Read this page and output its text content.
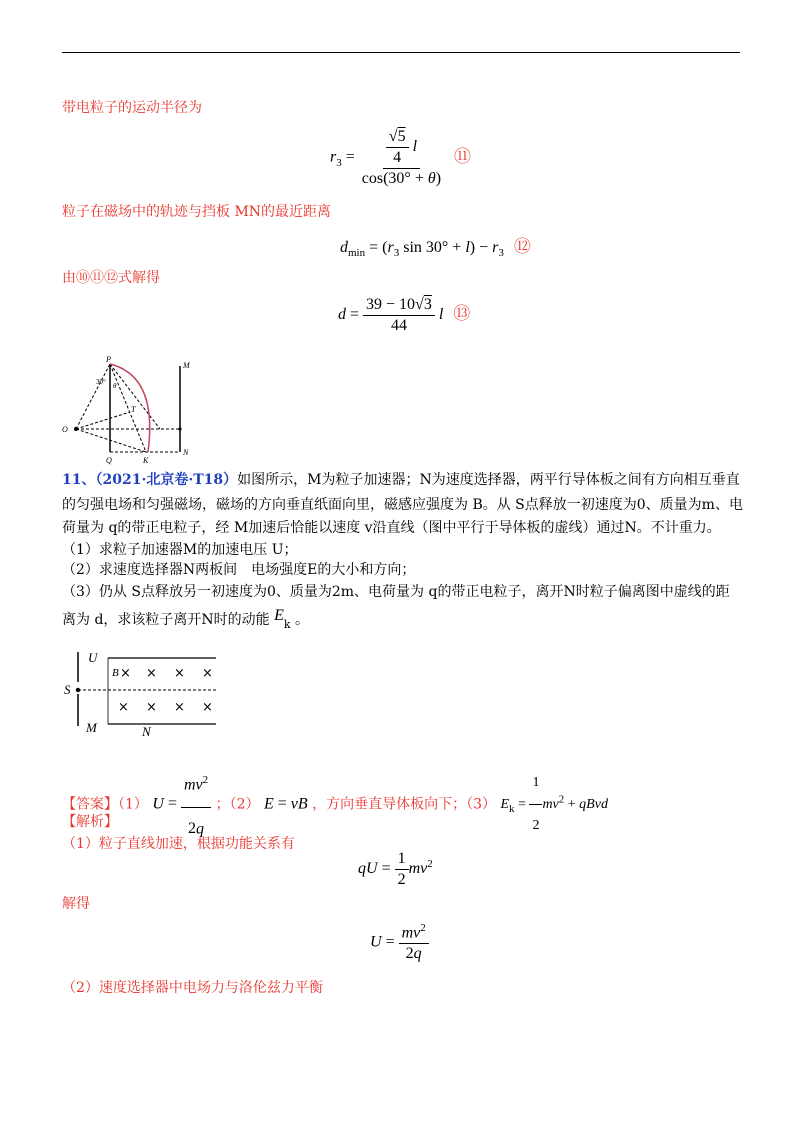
带电粒子的运动半径为
$r_3 = \frac{\frac{√5}{4} l}{\cos(30^\circ + \theta)}$ ⑪
粒子在磁场中的轨迹与挡板 MN的最近距离
$d_{min} = (r_3$ $\sin 30^\circ + l) - r_3$ ⑫
由⑩⑪⑫式解得
$d = \frac{39 - 10√3}{44}$ l ⑬
P
M
30° θ
T
O
Q	K
N
11、（2021·北京卷·T18）如图所示，M为粒子加速器；N为速度选择器，两平行导体板之间有方向相互垂直
的匀强电场和匀强磁场，磁场的方向垂直纸面向里，磁感应强度为 B。从 S点释放一初速度为0、质量为m、电
荷量为 q的带正电粒子，经 M加速后恰能以速度 v沿直线（图中平行于导体板的虚线）通过N。不计重力。
（1）求粒子加速器M的加速电压 U；
（2）求速度选择器N两板间　电场强度E的大小和方向；
（3）仍从 S点释放另一初速度为0、质量为2m、电荷量为 q的带正电粒子，离开N时粒子偏离图中虚线的距
离为 d，求该粒子离开N时的动能 $E_k$ 。
U
S
B
M	N
× × × ×
× × × ×
【答案】（1） $U = \frac{mv^2}{2q}$ ；（2） E = vB ，方向垂直导体板向下；（3） $E_k = \frac{1}{2} mv^2$ + qBvd
【解析】
（1）粒子直线加速，根据功能关系有
qU = $\frac{1}{2} mv^2$
解得
$U = \frac{mv^2}{2q}$
（2）速度选择器中电场力与洛伦兹力平衡
